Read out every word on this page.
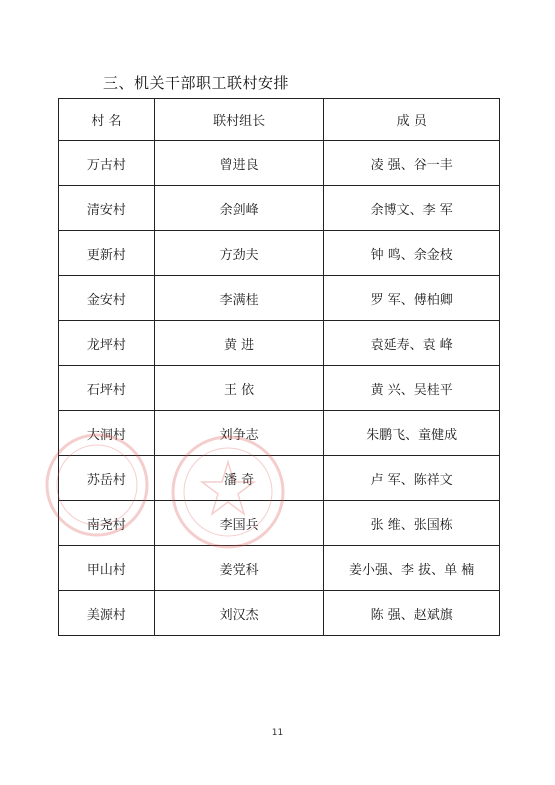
三、机关干部职工联村安排
村 名	联村组长	成 员
万古村	曾进良	凌 强、谷一丰
清安村	余剑峰	余博文、李 军
更新村	方劲夫	钟 鸣、余金枝
金安村	李满桂	罗 军、傅柏卿
龙坪村	黄 进	袁延寿、袁 峰
石坪村	王 依	黄 兴、吴桂平
大洞村	刘争志	朱鹏飞、童健成
苏岳村	潘 奇	卢 军、陈祥文
南尧村	李国兵	张 维、张国栋
甲山村	姜党科	姜小强、李 拔、单 楠
美源村	刘汉杰	陈 强、赵斌旗
11
